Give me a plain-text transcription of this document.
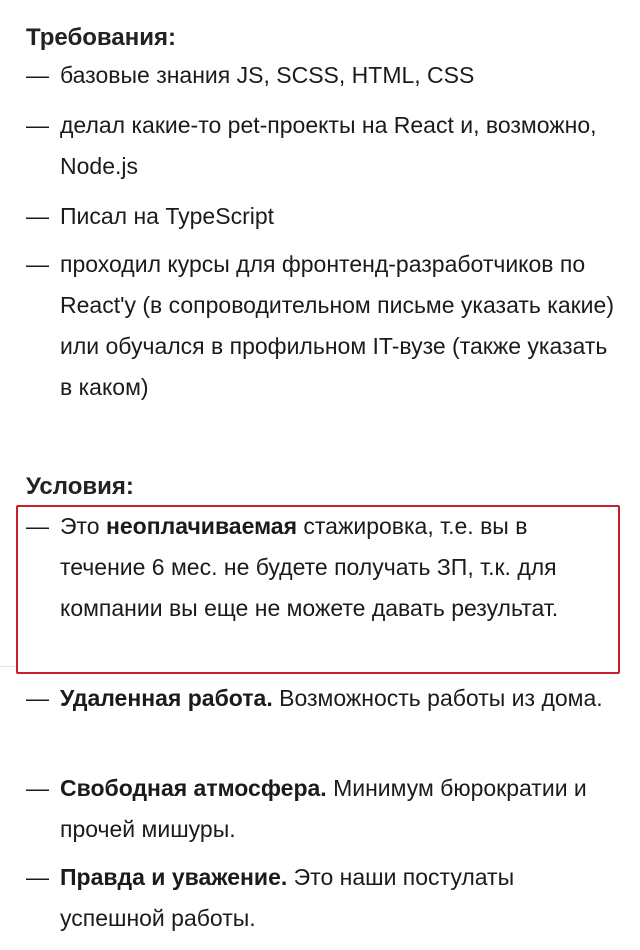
Требования:
— базовые знания JS, SCSS, HTML, CSS
— делал какие-то pet-проекты на React и, возможно, Node.js
— Писал на TypeScript
— проходил курсы для фронтенд-разработчиков по React'у (в сопроводительном письме указать какие) или обучался в профильном IT-вузе (также указать в каком)
Условия:
— Это неоплачиваемая стажировка, т.е. вы в течение 6 мес. не будете получать ЗП, т.к. для компании вы еще не можете давать результат.
— Удаленная работа. Возможность работы из дома.
— Свободная атмосфера. Минимум бюрократии и прочей мишуры.
— Правда и уважение. Это наши постулаты успешной работы.
